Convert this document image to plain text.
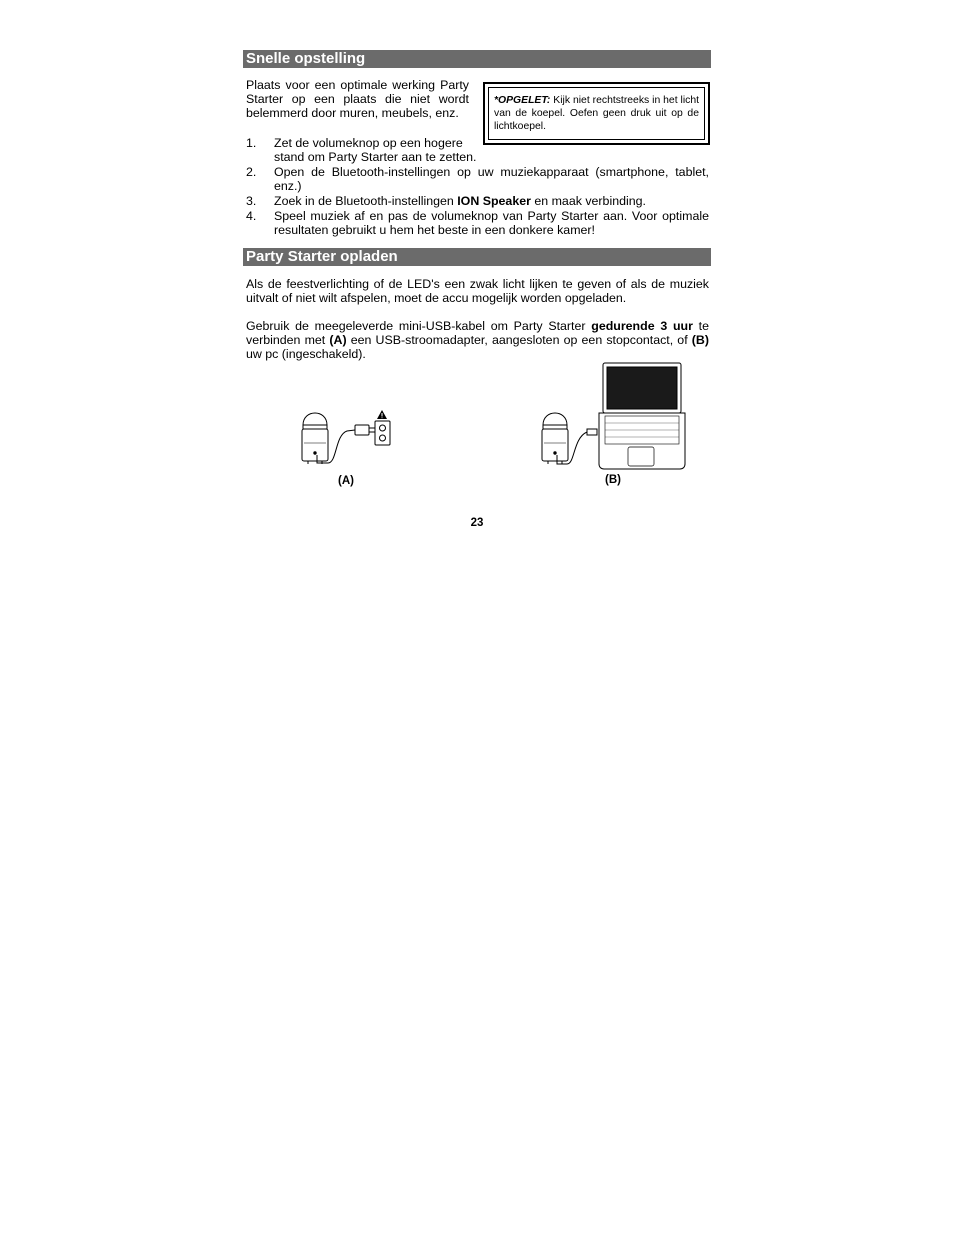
Snelle opstelling
Plaats voor een optimale werking Party Starter op een plaats die niet wordt belemmerd door muren, meubels, enz.
*OPGELET: Kijk niet rechtstreeks in het licht van de koepel. Oefen geen druk uit op de lichtkoepel.
1. Zet de volumeknop op een hogere
stand om Party Starter aan te zetten.
2. Open de Bluetooth-instellingen op uw muziekapparaat (smartphone, tablet, enz.)
3. Zoek in de Bluetooth-instellingen ION Speaker en maak verbinding.
4. Speel muziek af en pas de volumeknop van Party Starter aan. Voor optimale resultaten gebruikt u hem het beste in een donkere kamer!
Party Starter opladen
Als de feestverlichting of de LED's een zwak licht lijken te geven of als de muziek uitvalt of niet wilt afspelen, moet de accu mogelijk worden opgeladen.
Gebruik de meegeleverde mini-USB-kabel om Party Starter gedurende 3 uur te verbinden met (A) een USB-stroomadapter, aangesloten op een stopcontact, of (B) uw pc (ingeschakeld).
(A)	(B)
23
